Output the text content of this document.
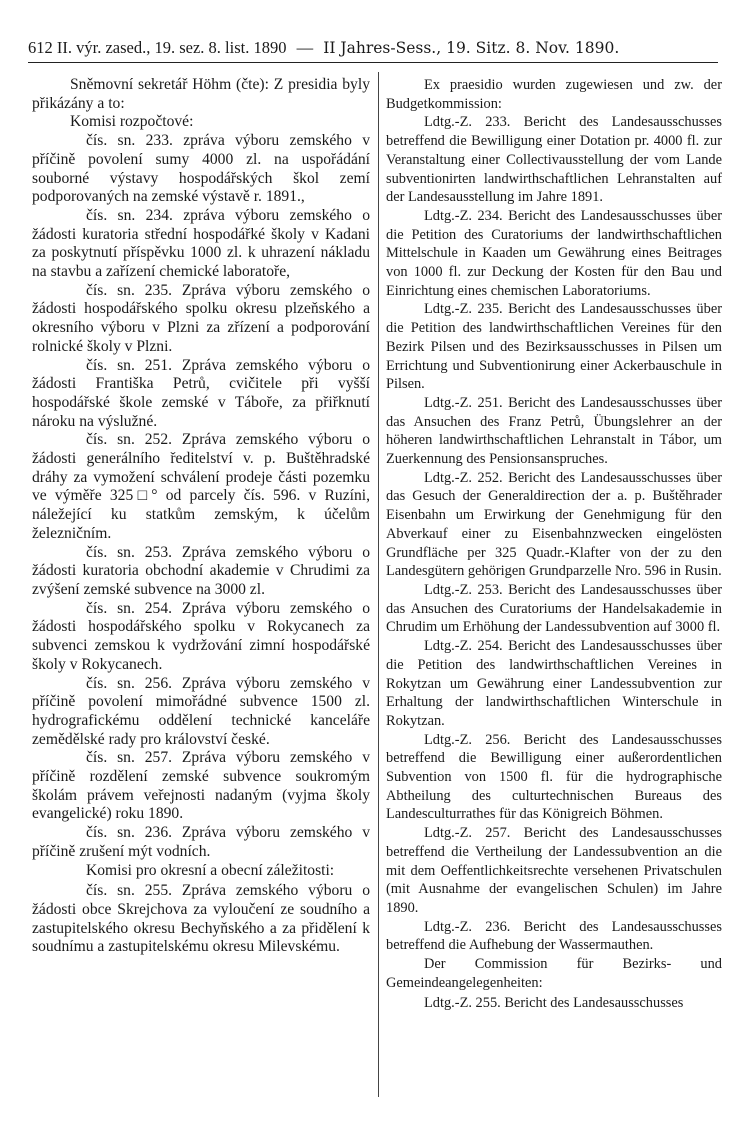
612 II. výr. zased., 19. sez. 8. list. 1890 — II Jahres-Sess., 19. Sitz. 8. Nov. 1890.

Sněmovní sekretář Höhm (čte): Z presidia byly přikázány a to:

Komisi rozpočtové:

čís. sn. 233. zpráva výboru zemského v příčině povolení sumy 4000 zl. na uspořádání souborné výstavy hospodářských škol zemí podporovaných na zemské výstavě r. 1891.,

čís. sn. 234. zpráva výboru zemského o žádosti kuratoria střední hospodářké školy v Kadani za poskytnutí příspěvku 1000 zl. k uhrazení nákladu na stavbu a zařízení chemické laboratoře,

čís. sn. 235. Zpráva výboru zemského o žádosti hospodářského spolku okresu plzeňského a okresního výboru v Plzni za zřízení a podporování rolnické školy v Plzni.

čís. sn. 251. Zpráva zemského výboru o žádosti Františka Petrů, cvičitele při vyšší hospodářské škole zemské v Táboře, za přiřknutí nároku na výslužné.

čís. sn. 252. Zpráva zemského výboru o žádosti generálního ředitelství v. p. Buštěhradské dráhy za vymožení schválení prodeje části pozemku ve výměře 325□° od parcely čís. 596. v Ruzíni, náležející ku statkům zemským, k účelům železničním.

čís. sn. 253. Zpráva zemského výboru o žádosti kuratoria obchodní akademie v Chrudimi za zvýšení zemské subvence na 3000 zl.

čís. sn. 254. Zpráva výboru zemského o žádosti hospodářského spolku v Rokycanech za subvenci zemskou k vydržování zimní hospodářské školy v Rokycanech.

čís. sn. 256. Zpráva výboru zemského v příčině povolení mimořádné subvence 1500 zl. hydrografickému oddělení technické kanceláře zemědělské rady pro království české.

čís. sn. 257. Zpráva výboru zemského v příčině rozdělení zemské subvence soukromým školám právem veřejnosti nadaným (vyjma školy evangelické) roku 1890.

čís. sn. 236. Zpráva výboru zemského v příčině zrušení mýt vodních.

Komisi pro okresní a obecní záležitosti:

čís. sn. 255. Zpráva zemského výboru o žádosti obce Skrejchova za vyloučení ze soudního a zastupitelského okresu Bechyňského a za přidělení k soudnímu a zastupitelskému okresu Milevskému.

Ex praesidio wurden zugewiesen und zw. der Budgetkommission:

Ldtg.-Z. 233. Bericht des Landesausschusses betreffend die Bewilligung einer Dotation pr. 4000 fl. zur Veranstaltung einer Collectivausstellung der vom Lande subventionirten landwirthschaftlichen Lehranstalten auf der Landesausstellung im Jahre 1891.

Ldtg.-Z. 234. Bericht des Landesausschusses über die Petition des Curatoriums der landwirthschaftlichen Mittelschule in Kaaden um Gewährung eines Beitrages von 1000 fl. zur Deckung der Kosten für den Bau und Einrichtung eines chemischen Laboratoriums.

Ldtg.-Z. 235. Bericht des Landesausschusses über die Petition des landwirthschaftlichen Vereines für den Bezirk Pilsen und des Bezirksausschusses in Pilsen um Errichtung und Subventionirung einer Ackerbauschule in Pilsen.

Ldtg.-Z. 251. Bericht des Landesausschusses über das Ansuchen des Franz Petrů, Übungslehrer an der höheren landwirthschaftlichen Lehranstalt in Tábor, um Zuerkennung des Pensionsanspruches.

Ldtg.-Z. 252. Bericht des Landesausschusses über das Gesuch der Generaldirection der a. p. Buštěhrader Eisenbahn um Erwirkung der Genehmigung für den Abverkauf einer zu Eisenbahnzwecken eingelösten Grundfläche per 325 Quadr.-Klafter von der zu den Landesgütern gehörigen Grundparzelle Nro. 596 in Rusin.

Ldtg.-Z. 253. Bericht des Landesausschusses über das Ansuchen des Curatoriums der Handelsakademie in Chrudim um Erhöhung der Landessubvention auf 3000 fl.

Ldtg.-Z. 254. Bericht des Landesausschusses über die Petition des landwirthschaftlichen Vereines in Rokytzan um Gewährung einer Landessubvention zur Erhaltung der landwirthschaftlichen Winterschule in Rokytzan.

Ldtg.-Z. 256. Bericht des Landesausschusses betreffend die Bewilligung einer außerordentlichen Subvention von 1500 fl. für die hydrographische Abtheilung des culturtechnischen Bureaus des Landesculturrathes für das Königreich Böhmen.

Ldtg.-Z. 257. Bericht des Landesausschusses betreffend die Vertheilung der Landessubvention an die mit dem Oeffentlichkeitsrechte versehenen Privatschulen (mit Ausnahme der evangelischen Schulen) im Jahre 1890.

Ldtg.-Z. 236. Bericht des Landesausschusses betreffend die Aufhebung der Wassermauthen.

Der Commission für Bezirks- und Gemeindeangelegenheiten:

Ldtg.-Z. 255. Bericht des Landesausschusses
